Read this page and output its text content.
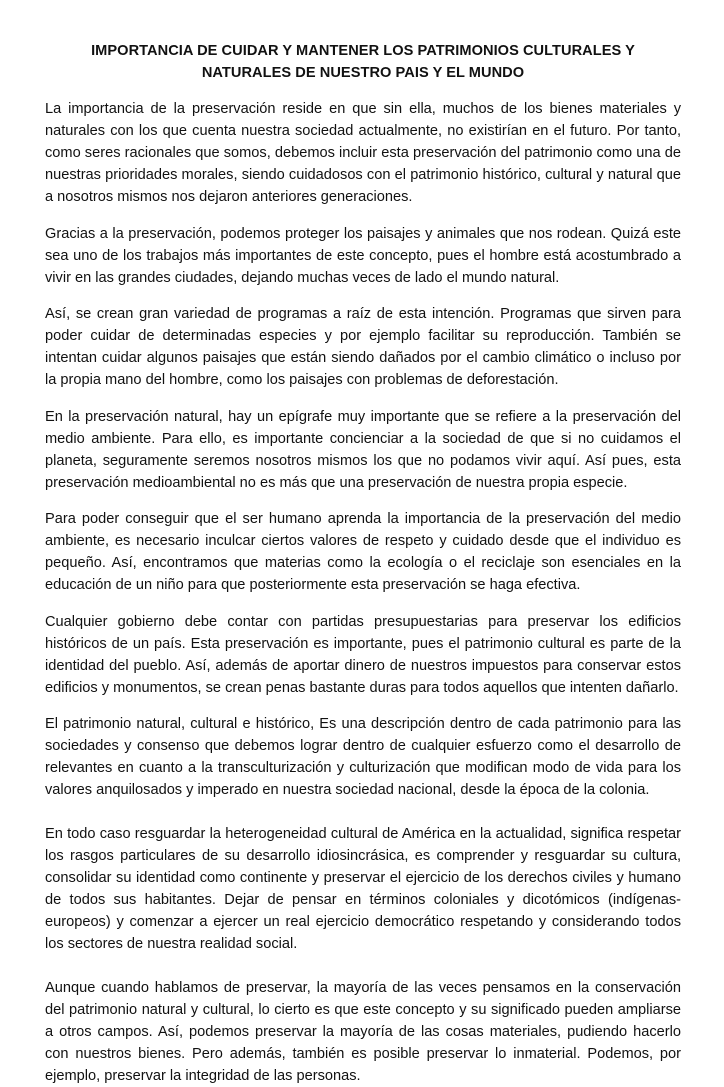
IMPORTANCIA DE CUIDAR Y MANTENER LOS PATRIMONIOS CULTURALES Y
NATURALES DE NUESTRO PAIS Y EL MUNDO

La importancia de la preservación reside en que sin ella, muchos de los bienes materiales y naturales con los que cuenta nuestra sociedad actualmente, no existirían en el futuro. Por tanto, como seres racionales que somos, debemos incluir esta preservación del patrimonio como una de nuestras prioridades morales, siendo cuidadosos con el patrimonio histórico, cultural y natural que a nosotros mismos nos dejaron anteriores generaciones.

Gracias a la preservación, podemos proteger los paisajes y animales que nos rodean. Quizá este sea uno de los trabajos más importantes de este concepto, pues el hombre está acostumbrado a vivir en las grandes ciudades, dejando muchas veces de lado el mundo natural.

Así, se crean gran variedad de programas a raíz de esta intención. Programas que sirven para poder cuidar de determinadas especies y por ejemplo facilitar su reproducción. También se intentan cuidar algunos paisajes que están siendo dañados por el cambio climático o incluso por la propia mano del hombre, como los paisajes con problemas de deforestación.

En la preservación natural, hay un epígrafe muy importante que se refiere a la preservación del medio ambiente. Para ello, es importante concienciar a la sociedad de que si no cuidamos el planeta, seguramente seremos nosotros mismos los que no podamos vivir aquí. Así pues, esta preservación medioambiental no es más que una preservación de nuestra propia especie.

Para poder conseguir que el ser humano aprenda la importancia de la preservación del medio ambiente, es necesario inculcar ciertos valores de respeto y cuidado desde que el individuo es pequeño. Así, encontramos que materias como la ecología o el reciclaje son esenciales en la educación de un niño para que posteriormente esta preservación se haga efectiva.

Cualquier gobierno debe contar con partidas presupuestarias para preservar los edificios históricos de un país. Esta preservación es importante, pues el patrimonio cultural es parte de la identidad del pueblo. Así, además de aportar dinero de nuestros impuestos para conservar estos edificios y monumentos, se crean penas bastante duras para todos aquellos que intenten dañarlo.

El patrimonio natural, cultural e histórico, Es una descripción dentro de cada patrimonio para las sociedades y consenso que debemos lograr dentro de cualquier esfuerzo como el desarrollo de relevantes en cuanto a la transculturización y culturización que modifican modo de vida para los valores anquilosados y imperado en nuestra sociedad nacional, desde la época de la colonia.

En todo caso resguardar la heterogeneidad cultural de América en la actualidad, significa respetar los rasgos particulares de su desarrollo idiosincrásica, es comprender y resguardar su cultura, consolidar su identidad como continente y preservar el ejercicio de los derechos civiles y humano de todos sus habitantes. Dejar de pensar en términos coloniales y dicotómicos (indígenas-europeos) y comenzar a ejercer un real ejercicio democrático respetando y considerando todos los sectores de nuestra realidad social.

Aunque cuando hablamos de preservar, la mayoría de las veces pensamos en la conservación del patrimonio natural y cultural, lo cierto es que este concepto y su significado pueden ampliarse a otros campos. Así, podemos preservar la mayoría de las cosas materiales, pudiendo hacerlo con nuestros bienes. Pero además, también es posible preservar lo inmaterial. Podemos, por ejemplo, preservar la integridad de las personas.
